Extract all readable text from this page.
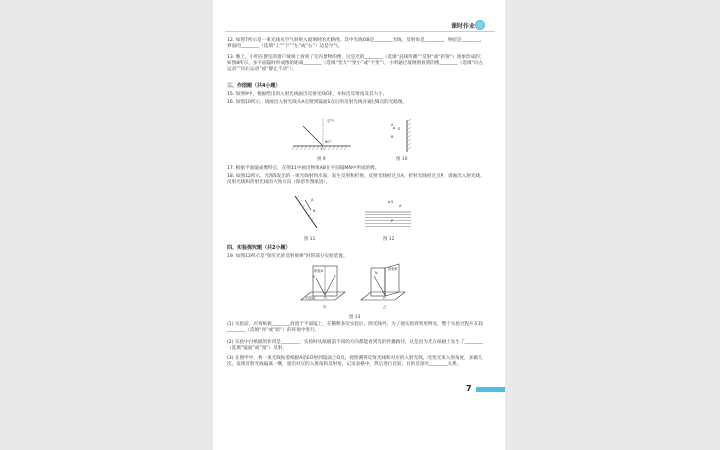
课时作业
12. 如图7所示是一束光线从空气斜射入玻璃时的光路图，其中光线OB是________光线，反射角是________，界面是________，界面的________（选填“上”“下”“左”或“右”）边是空气。
13. 晚上，小明在教室的窗户玻璃上看到了室内景物的像，这是光的________（选填“直线传播”“反射”或“折射”）现象形成的；如图8所示，多平面镜时所成像的距离________（选填“变大”“变小”或“不变”），小明通过玻璃窗看到的像________（选填“向左运动”“向右运动”或“静止不动”）。
三、作图题（共4小题）
15. 如图9中，根据给出的入射光线画出反射光线OF，并标出反射角及其大小。
16. 如图10所示，请画出入射光线从A点射到镜面S点后的反射光线并通过B点的光路图。
空气
60°
O
图 9
A
S
B
图 10
17. 根据平面镜成像特点，在图11中画出物体AB在平面镜MN中所成的像。
18. 如图12所示，光源S发出的一束光线射到水面，发生反射和折射，反射光线经过点A，折射光线经过点P，请画出入射光线、反射光线和折射光线的大致方向（保留作图痕迹）。
A
B
图 11
S
A
P
图 12
四、实验探究题（共2小题）
19. 如图13所示是“探究光的反射规律”时的部分实验装置。
纸板A
E	F
O
平面镜
甲
N
纸板B
O
乙
图 13
(1) 实验前，应将纸板________放置于平面镜上，在稀释多次实验后，除光线外，为了使实验效果更明显，整个实验过程应在较________（选填“亮”或“暗”）的环境中进行。
(2) 实验中白纸板的作用是________；实验时从纸板前不同的方向都能看到光的传播路径，这是因为光在纸板上发生了________（选填“镜面”或“漫”）反射。
(3) 在图甲中，将一束光线贴着纸板A沿EO射到镜面上O点，观察测得反射光线和对应的入射光线，改变光束入射角度，多做几次，发现反射光线偏离一侧，量出对应的入射角和反射角，记录表格中，然后进行比较，目的是探究________关系。
7
